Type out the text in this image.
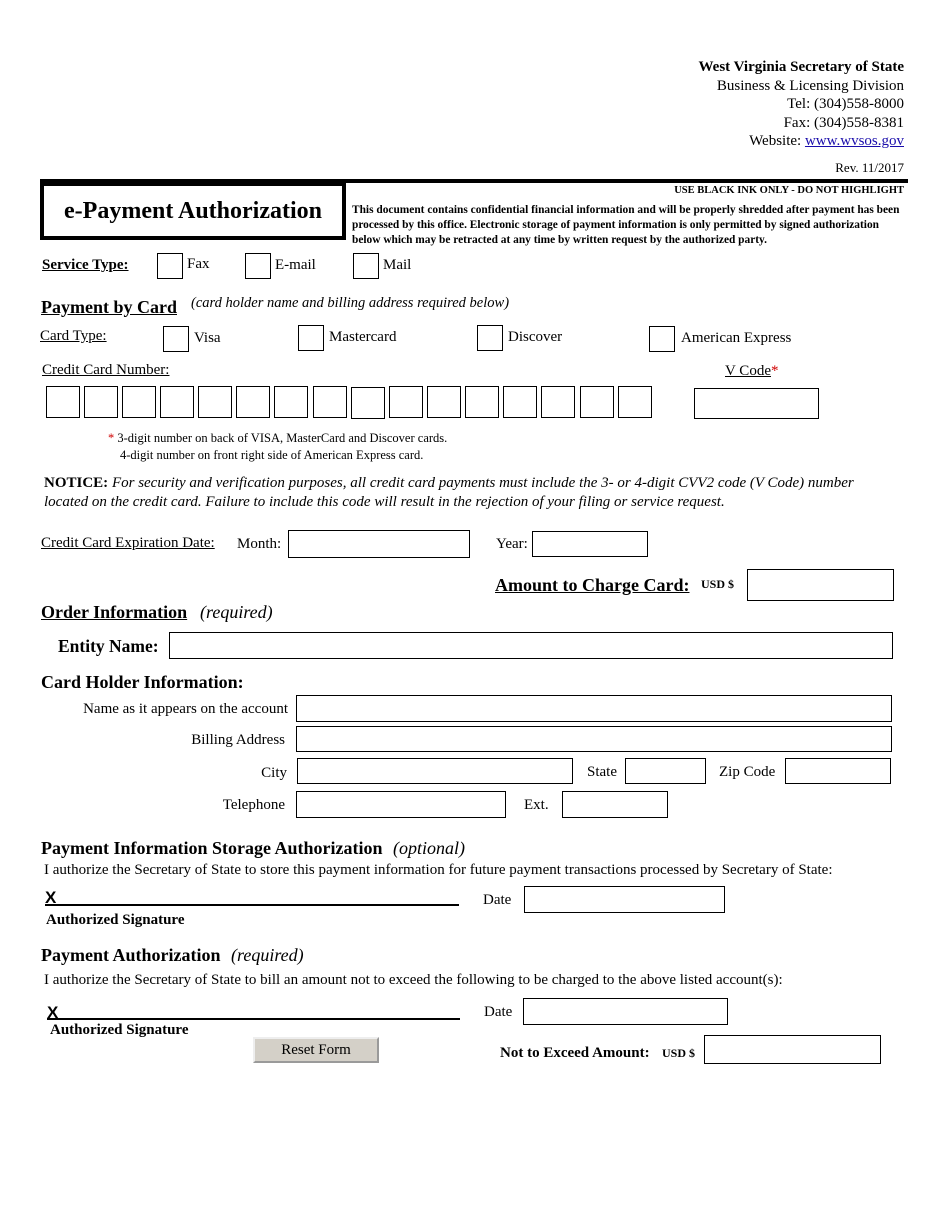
West Virginia Secretary of State
Business & Licensing Division
Tel: (304)558-8000
Fax: (304)558-8381
Website: www.wvsos.gov
Rev. 11/2017
e-Payment Authorization
USE BLACK INK ONLY - DO NOT HIGHLIGHT
This document contains confidential financial information and will be properly shredded after payment has been processed by this office. Electronic storage of payment information is only permitted by signed authorization below which may be retracted at any time by written request by the authorized party.
Service Type:	Fax	E-mail	Mail
Payment by Card (card holder name and billing address required below)
Card Type:	Visa	Mastercard	Discover	American Express
Credit Card Number:	V Code*
* 3-digit number on back of VISA, MasterCard and Discover cards.
4-digit number on front right side of American Express card.
NOTICE: For security and verification purposes, all credit card payments must include the 3- or 4-digit CVV2 code (V Code) number located on the credit card. Failure to include this code will result in the rejection of your filing or service request.
Credit Card Expiration Date: Month:	Year:
Amount to Charge Card: USD $
Order Information (required)
Entity Name:
Card Holder Information:
Name as it appears on the account
Billing Address
City	State	Zip Code
Telephone	Ext.
Payment Information Storage Authorization (optional)
I authorize the Secretary of State to store this payment information for future payment transactions processed by Secretary of State:
X
Authorized Signature
Date
Payment Authorization (required)
I authorize the Secretary of State to bill an amount not to exceed the following to be charged to the above listed account(s):
X
Authorized Signature
Date
Reset Form	Not to Exceed Amount: USD $
